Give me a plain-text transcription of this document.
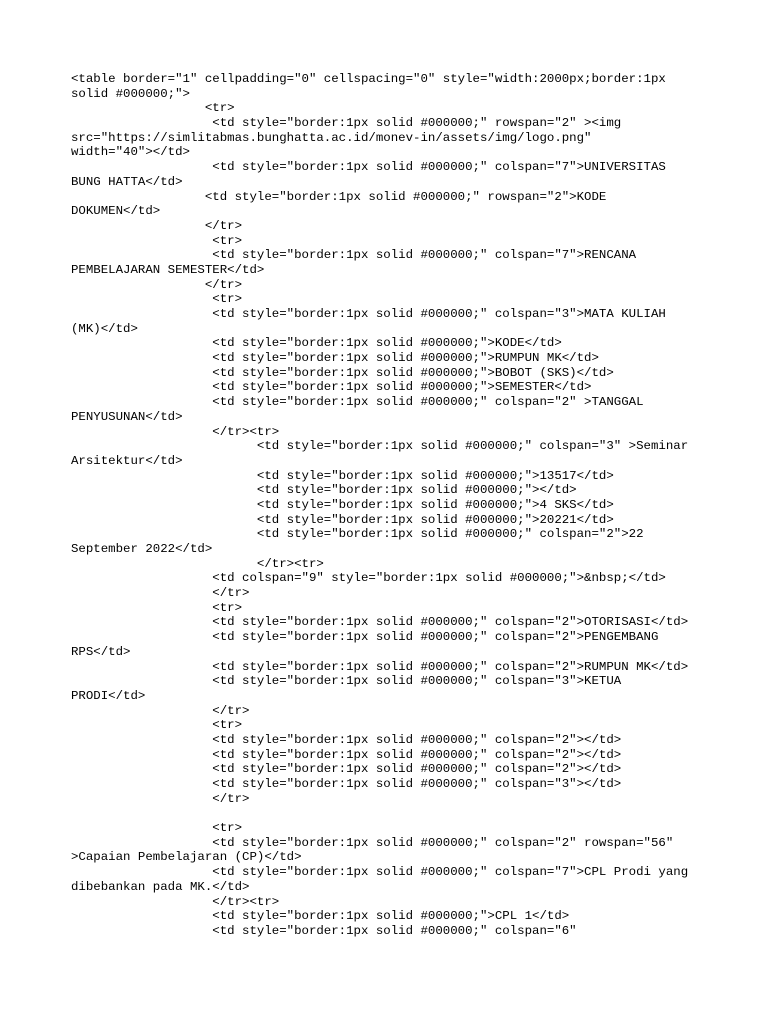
<table border="1" cellpadding="0" cellspacing="0" style="width:2000px;border:1px
solid #000000;">
<tr>
<td style="border:1px solid #000000;" rowspan="2" ><img
src="https://simlitabmas.bunghatta.ac.id/monev-in/assets/img/logo.png"
width="40"></td>
<td style="border:1px solid #000000;" colspan="7">UNIVERSITAS
BUNG HATTA</td>
<td style="border:1px solid #000000;" rowspan="2">KODE
DOKUMEN</td>
</tr>
<tr>
<td style="border:1px solid #000000;" colspan="7">RENCANA
PEMBELAJARAN SEMESTER</td>
</tr>
<tr>
<td style="border:1px solid #000000;" colspan="3">MATA KULIAH
(MK)</td>
<td style="border:1px solid #000000;">KODE</td>
<td style="border:1px solid #000000;">RUMPUN MK</td>
<td style="border:1px solid #000000;">BOBOT (SKS)</td>
<td style="border:1px solid #000000;">SEMESTER</td>
<td style="border:1px solid #000000;" colspan="2" >TANGGAL
PENYUSUNAN</td>
</tr><tr>
<td style="border:1px solid #000000;" colspan="3" >Seminar
Arsitektur</td>
<td style="border:1px solid #000000;">13517</td>
<td style="border:1px solid #000000;"></td>
<td style="border:1px solid #000000;">4 SKS</td>
<td style="border:1px solid #000000;">20221</td>
<td style="border:1px solid #000000;" colspan="2">22
September 2022</td>
</tr><tr>
<td colspan="9" style="border:1px solid #000000;">&nbsp;</td>
</tr>
<tr>
<td style="border:1px solid #000000;" colspan="2">OTORISASI</td>
<td style="border:1px solid #000000;" colspan="2">PENGEMBANG
RPS</td>
<td style="border:1px solid #000000;" colspan="2">RUMPUN MK</td>
<td style="border:1px solid #000000;" colspan="3">KETUA
PRODI</td>
</tr>
<tr>
<td style="border:1px solid #000000;" colspan="2"></td>
<td style="border:1px solid #000000;" colspan="2"></td>
<td style="border:1px solid #000000;" colspan="2"></td>
<td style="border:1px solid #000000;" colspan="3"></td>
</tr>
<tr>
<td style="border:1px solid #000000;" colspan="2" rowspan="56"
>Capaian Pembelajaran (CP)</td>
<td style="border:1px solid #000000;" colspan="7">CPL Prodi yang
dibebankan pada MK.</td>
</tr><tr>
<td style="border:1px solid #000000;">CPL 1</td>
<td style="border:1px solid #000000;" colspan="6"
